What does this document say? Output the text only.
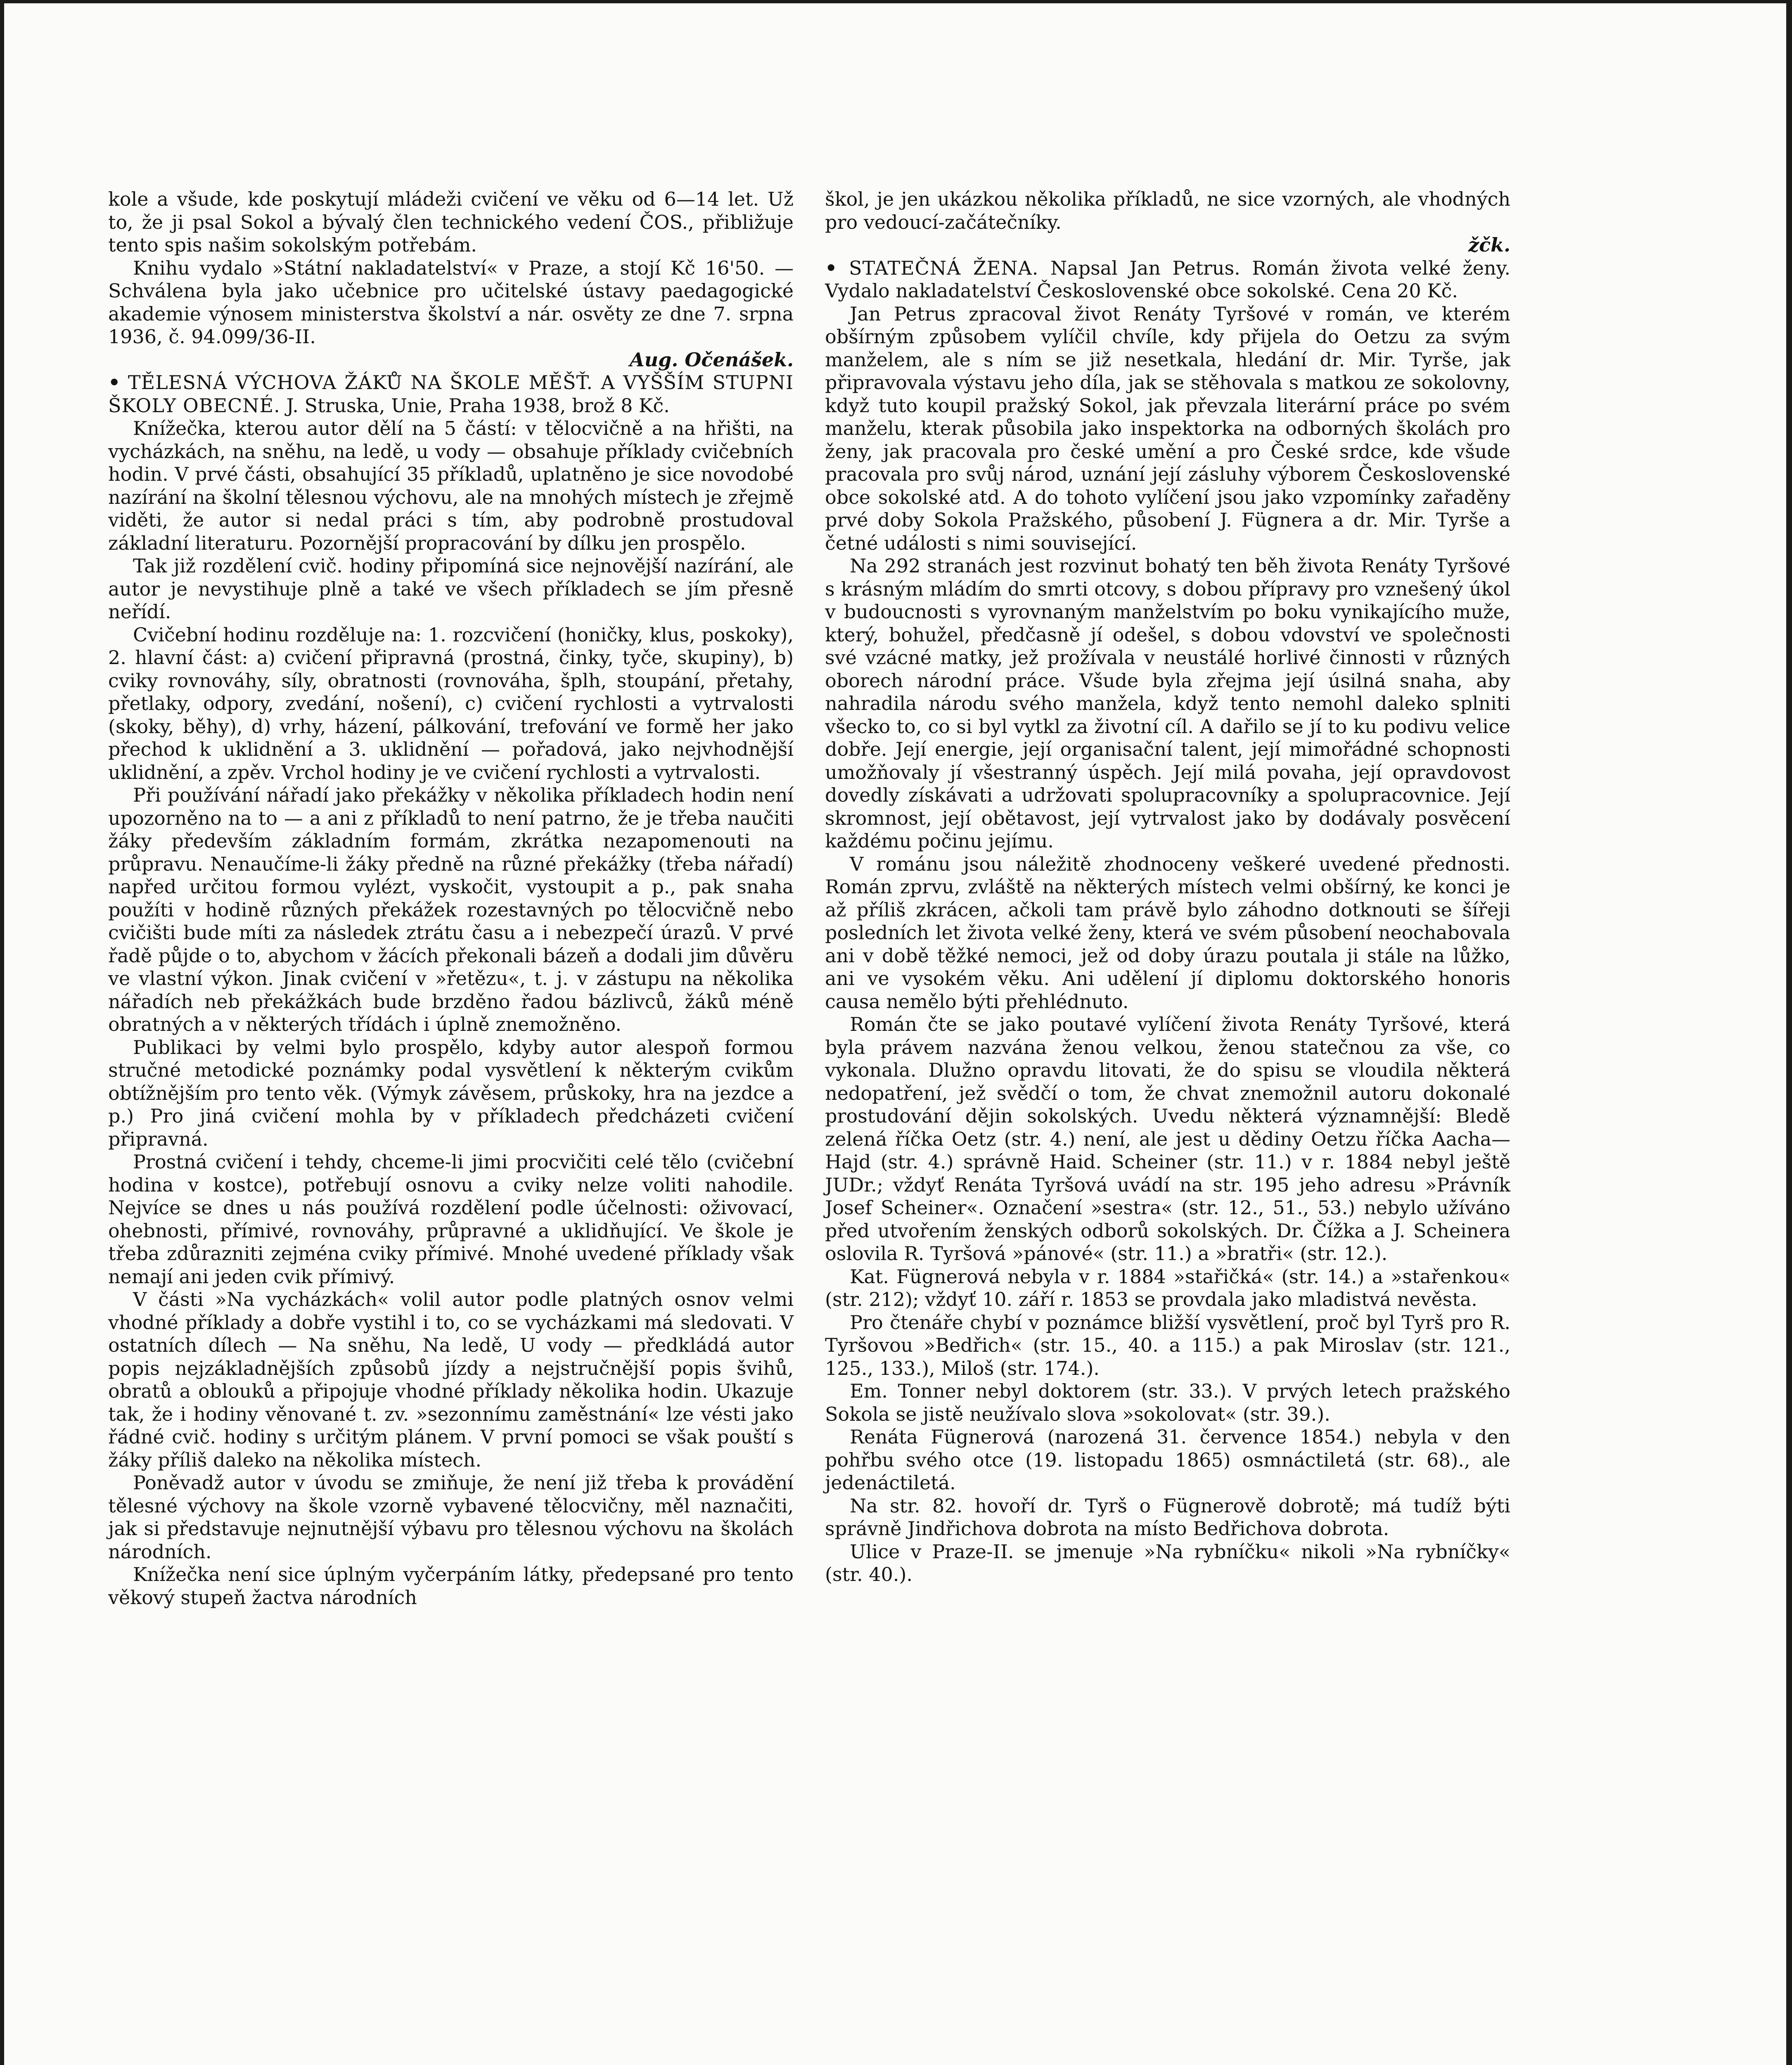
kole a všude, kde poskytují mládeži cvičení ve věku od 6—14 let. Už to, že ji psal Sokol a bývalý člen technického vedení ČOS., přibližuje tento spis našim sokolským potřebám.

Knihu vydalo »Státní nakladatelství« v Praze, a stojí Kč 16'50. — Schválena byla jako učebnice pro učitelské ústavy paedagogické akademie výnosem ministerstva školství a nár. osvěty ze dne 7. srpna 1936, č. 94.099/36-II.

Aug. Očenášek.

• TĚLESNÁ VÝCHOVA ŽÁKŮ NA ŠKOLE MĚŠŤ. A VYŠŠÍM STUPNI ŠKOLY OBECNÉ. J. Struska, Unie, Praha 1938, brož 8 Kč.

Knížečka, kterou autor dělí na 5 částí: v tělocvičně a na hřišti, na vycházkách, na sněhu, na ledě, u vody — obsahuje příklady cvičebních hodin. V prvé části, obsahující 35 příkladů, uplatněno je sice novodobé nazírání na školní tělesnou výchovu, ale na mnohých místech je zřejmě viděti, že autor si nedal práci s tím, aby podrobně prostudoval základní literaturu. Pozornější propracování by dílku jen prospělo.

Tak již rozdělení cvič. hodiny připomíná sice nejnovější nazírání, ale autor je nevystihuje plně a také ve všech příkladech se jím přesně neřídí.

Cvičební hodinu rozděluje na: 1. rozcvičení (honičky, klus, poskoky), 2. hlavní část: a) cvičení připravná (prostná, činky, tyče, skupiny), b) cviky rovnováhy, síly, obratnosti (rovnováha, šplh, stoupání, přetahy, přetlaky, odpory, zvedání, nošení), c) cvičení rychlosti a vytrvalosti (skoky, běhy), d) vrhy, házení, pálkování, trefování ve formě her jako přechod k uklidnění a 3. uklidnění — pořadová, jako nejvhodnější uklidnění, a zpěv. Vrchol hodiny je ve cvičení rychlosti a vytrvalosti.

Při používání nářadí jako překážky v několika příkladech hodin není upozorněno na to — a ani z příkladů to není patrno, že je třeba naučiti žáky především základním formám, zkrátka nezapomenouti na průpravu. Nenaučíme-li žáky předně na různé překážky (třeba nářadí) napřed určitou formou vylézt, vyskočit, vystoupit a p., pak snaha použíti v hodině různých překážek rozestavných po tělocvičně nebo cvičišti bude míti za následek ztrátu času a i nebezpečí úrazů. V prvé řadě půjde o to, abychom v žácích překonali bázeň a dodali jim důvěru ve vlastní výkon. Jinak cvičení v »řetězu«, t. j. v zástupu na několika nářadích neb překážkách bude brzděno řadou bázlivců, žáků méně obratných a v některých třídách i úplně znemožněno.

Publikaci by velmi bylo prospělo, kdyby autor alespoň formou stručné metodické poznámky podal vysvětlení k některým cvikům obtížnějším pro tento věk. (Výmyk závěsem, průskoky, hra na jezdce a p.) Pro jiná cvičení mohla by v příkladech předcházeti cvičení připravná.

Prostná cvičení i tehdy, chceme-li jimi procvičiti celé tělo (cvičební hodina v kostce), potřebují osnovu a cviky nelze voliti nahodile. Nejvíce se dnes u nás používá rozdělení podle účelnosti: oživovací, ohebnosti, přímivé, rovnováhy, průpravné a uklidňující. Ve škole je třeba zdůrazniti zejména cviky přímivé. Mnohé uvedené příklady však nemají ani jeden cvik přímivý.

V části »Na vycházkách« volil autor podle platných osnov velmi vhodné příklady a dobře vystihl i to, co se vycházkami má sledovati. V ostatních dílech — Na sněhu, Na ledě, U vody — předkládá autor popis nejzákladnějších způsobů jízdy a nejstručnější popis švihů, obratů a oblouků a připojuje vhodné příklady několika hodin. Ukazuje tak, že i hodiny věnované t. zv. »sezonnímu zaměstnání« lze vésti jako řádné cvič. hodiny s určitým plánem. V první pomoci se však pouští s žáky příliš daleko na několika místech.

Poněvadž autor v úvodu se zmiňuje, že není již třeba k provádění tělesné výchovy na škole vzorně vybavené tělocvičny, měl naznačiti, jak si představuje nejnutnější výbavu pro tělesnou výchovu na školách národních.

Knížečka není sice úplným vyčerpáním látky, předepsané pro tento věkový stupeň žactva národních

škol, je jen ukázkou několika příkladů, ne sice vzorných, ale vhodných pro vedoucí-začátečníky.

žčk.

• STATEČNÁ ŽENA. Napsal Jan Petrus. Román života velké ženy. Vydalo nakladatelství Československé obce sokolské. Cena 20 Kč.

Jan Petrus zpracoval život Renáty Tyršové v román, ve kterém obšírným způsobem vylíčil chvíle, kdy přijela do Oetzu za svým manželem, ale s ním se již nesetkala, hledání dr. Mir. Tyrše, jak připravovala výstavu jeho díla, jak se stěhovala s matkou ze sokolovny, když tuto koupil pražský Sokol, jak převzala literární práce po svém manželu, kterak působila jako inspektorka na odborných školách pro ženy, jak pracovala pro české umění a pro České srdce, kde všude pracovala pro svůj národ, uznání její zásluhy výborem Československé obce sokolské atd. A do tohoto vylíčení jsou jako vzpomínky zařaděny prvé doby Sokola Pražského, působení J. Fügnera a dr. Mir. Tyrše a četné události s nimi související.

Na 292 stranách jest rozvinut bohatý ten běh života Renáty Tyršové s krásným mládím do smrti otcovy, s dobou přípravy pro vznešený úkol v budoucnosti s vyrovnaným manželstvím po boku vynikajícího muže, který, bohužel, předčasně jí odešel, s dobou vdovství ve společnosti své vzácné matky, jež prožívala v neustálé horlivé činnosti v různých oborech národní práce. Všude byla zřejma její úsilná snaha, aby nahradila národu svého manžela, když tento nemohl daleko splniti všecko to, co si byl vytkl za životní cíl. A dařilo se jí to ku podivu velice dobře. Její energie, její organisační talent, její mimořádné schopnosti umožňovaly jí všestranný úspěch. Její milá povaha, její opravdovost dovedly získávati a udržovati spolupracovníky a spolupracovnice. Její skromnost, její obětavost, její vytrvalost jako by dodávaly posvěcení každému počinu jejímu.

V románu jsou náležitě zhodnoceny veškeré uvedené přednosti. Román zprvu, zvláště na některých místech velmi obšírný, ke konci je až příliš zkrácen, ačkoli tam právě bylo záhodno dotknouti se šířeji posledních let života velké ženy, která ve svém působení neochabovala ani v době těžké nemoci, jež od doby úrazu poutala ji stále na lůžko, ani ve vysokém věku. Ani udělení jí diplomu doktorského honoris causa nemělo býti přehlédnuto.

Román čte se jako poutavé vylíčení života Renáty Tyršové, která byla právem nazvána ženou velkou, ženou statečnou za vše, co vykonala. Dlužno opravdu litovati, že do spisu se vloudila některá nedopatření, jež svědčí o tom, že chvat znemožnil autoru dokonalé prostudování dějin sokolských. Uvedu některá významnější: Bledě zelená říčka Oetz (str. 4.) není, ale jest u dědiny Oetzu říčka Aacha—Hajd (str. 4.) správně Haid. Scheiner (str. 11.) v r. 1884 nebyl ještě JUDr.; vždyť Renáta Tyršová uvádí na str. 195 jeho adresu »Právník Josef Scheiner«. Označení »sestra« (str. 12., 51., 53.) nebylo užíváno před utvořením ženských odborů sokolských. Dr. Čížka a J. Scheinera oslovila R. Tyršová »pánové« (str. 11.) a »bratři« (str. 12.).

Kat. Fügnerová nebyla v r. 1884 »stařičká« (str. 14.) a »stařenkou« (str. 212); vždyť 10. září r. 1853 se provdala jako mladistvá nevěsta.

Pro čtenáře chybí v poznámce bližší vysvětlení, proč byl Tyrš pro R. Tyršovou »Bedřich« (str. 15., 40. a 115.) a pak Miroslav (str. 121., 125., 133.), Miloš (str. 174.).

Em. Tonner nebyl doktorem (str. 33.). V prvých letech pražského Sokola se jistě neužívalo slova »sokolovat« (str. 39.).

Renáta Fügnerová (narozená 31. července 1854.) nebyla v den pohřbu svého otce (19. listopadu 1865) osmnáctiletá (str. 68)., ale jedenáctiletá.

Na str. 82. hovoří dr. Tyrš o Fügnerově dobrotě; má tudíž býti správně Jindřichova dobrota na místo Bedřichova dobrota.

Ulice v Praze-II. se jmenuje »Na rybníčku« nikoli »Na rybníčky« (str. 40.).
